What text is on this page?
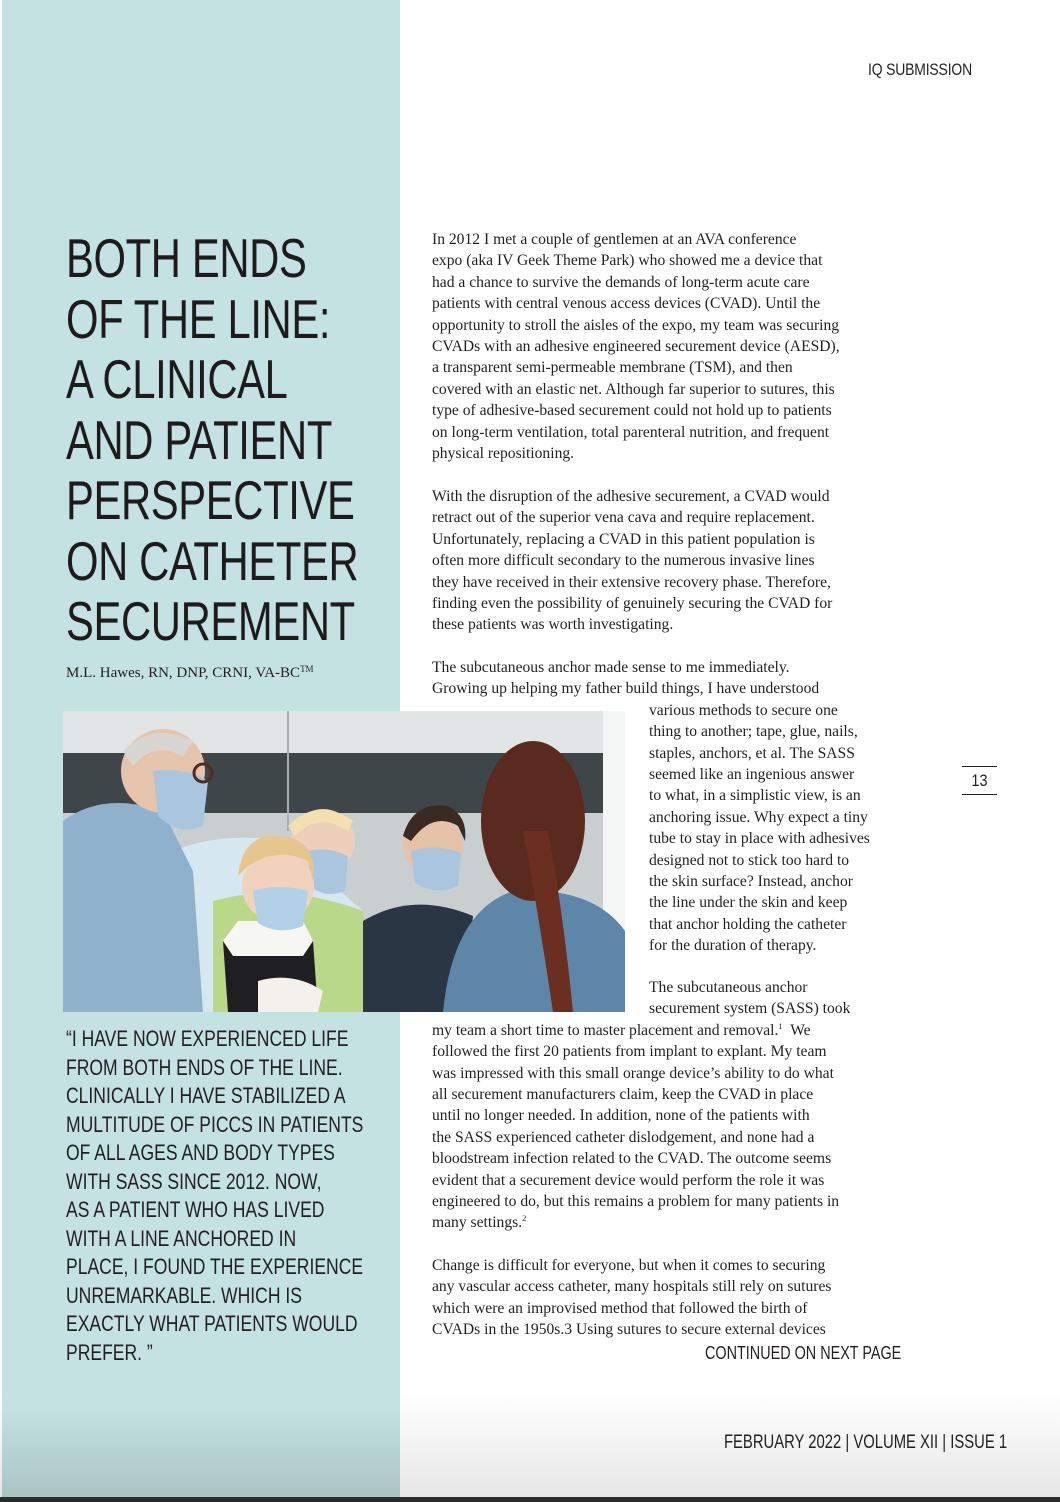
IQ SUBMISSION
BOTH ENDS
OF THE LINE:
A CLINICAL
AND PATIENT
PERSPECTIVE
ON CATHETER
SECUREMENT
M.L. Hawes, RN, DNP, CRNI, VA-BC™
In 2012 I met a couple of gentlemen at an AVA conference
expo (aka IV Geek Theme Park) who showed me a device that
had a chance to survive the demands of long-term acute care
patients with central venous access devices (CVAD). Until the
opportunity to stroll the aisles of the expo, my team was securing
CVADs with an adhesive engineered securement device (AESD),
a transparent semi-permeable membrane (TSM), and then
covered with an elastic net. Although far superior to sutures, this
type of adhesive-based securement could not hold up to patients
on long-term ventilation, total parenteral nutrition, and frequent
physical repositioning.
With the disruption of the adhesive securement, a CVAD would
retract out of the superior vena cava and require replacement.
Unfortunately, replacing a CVAD in this patient population is
often more difficult secondary to the numerous invasive lines
they have received in their extensive recovery phase. Therefore,
finding even the possibility of genuinely securing the CVAD for
these patients was worth investigating.
The subcutaneous anchor made sense to me immediately.
Growing up helping my father build things, I have understood
various methods to secure one
thing to another; tape, glue, nails,
staples, anchors, et al. The SASS
seemed like an ingenious answer
to what, in a simplistic view, is an
anchoring issue. Why expect a tiny
tube to stay in place with adhesives
designed not to stick too hard to
the skin surface? Instead, anchor
the line under the skin and keep
that anchor holding the catheter
for the duration of therapy.
The subcutaneous anchor
securement system (SASS) took
my team a short time to master placement and removal.$^1$ We
followed the first 20 patients from implant to explant. My team
was impressed with this small orange device’s ability to do what
all securement manufacturers claim, keep the CVAD in place
until no longer needed. In addition, none of the patients with
the SASS experienced catheter dislodgement, and none had a
bloodstream infection related to the CVAD. The outcome seems
evident that a securement device would perform the role it was
engineered to do, but this remains a problem for many patients in
many settings.$^2$
Change is difficult for everyone, but when it comes to securing
any vascular access catheter, many hospitals still rely on sutures
which were an improvised method that followed the birth of
CVADs in the 1950s.3 Using sutures to secure external devices
CONTINUED ON NEXT PAGE
13
“I HAVE NOW EXPERIENCED LIFE
FROM BOTH ENDS OF THE LINE.
CLINICALLY I HAVE STABILIZED A
MULTITUDE OF PICCS IN PATIENTS
OF ALL AGES AND BODY TYPES
WITH SASS SINCE 2012. NOW,
AS A PATIENT WHO HAS LIVED
WITH A LINE ANCHORED IN
PLACE, I FOUND THE EXPERIENCE
UNREMARKABLE. WHICH IS
EXACTLY WHAT PATIENTS WOULD
PREFER. ”
FEBRUARY 2022 | VOLUME XII | ISSUE 1
